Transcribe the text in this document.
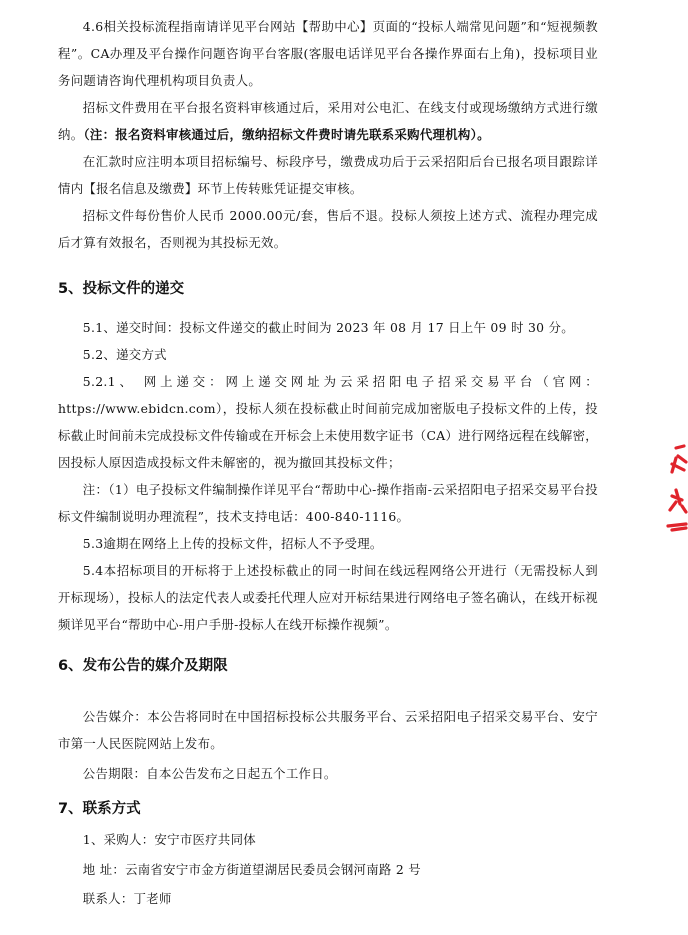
4.6相关投标流程指南请详见平台网站【帮助中心】页面的“投标人端常见问题”和“短视频教程”。CA办理及平台操作问题咨询平台客服(客服电话详见平台各操作界面右上角)，投标项目业务问题请咨询代理机构项目负责人。

招标文件费用在平台报名资料审核通过后，采用对公电汇、在线支付或现场缴纳方式进行缴纳。（注：报名资料审核通过后，缴纳招标文件费时请先联系采购代理机构）。

在汇款时应注明本项目招标编号、标段序号，缴费成功后于云采招阳后台已报名项目跟踪详情内【报名信息及缴费】环节上传转账凭证提交审核。

招标文件每份售价人民币 2000.00元/套，售后不退。投标人须按上述方式、流程办理完成后才算有效报名，否则视为其投标无效。

5、投标文件的递交

5.1、递交时间：投标文件递交的截止时间为 2023 年 08 月 17 日上午 09 时 30 分。

5.2、递交方式

5.2.1、 网上递交：网上递交网址为云采招阳电子招采交易平台（官网：https://www.ebidcn.com），投标人须在投标截止时间前完成加密版电子投标文件的上传，投标截止时间前未完成投标文件传输或在开标会上未使用数字证书（CA）进行网络远程在线解密，因投标人原因造成投标文件未解密的，视为撤回其投标文件；

注：（1）电子投标文件编制操作详见平台“帮助中心-操作指南-云采招阳电子招采交易平台投标文件编制说明办理流程”，技术支持电话：400-840-1116。

5.3逾期在网络上上传的投标文件，招标人不予受理。

5.4本招标项目的开标将于上述投标截止的同一时间在线远程网络公开进行（无需投标人到开标现场），投标人的法定代表人或委托代理人应对开标结果进行网络电子签名确认，在线开标视频详见平台“帮助中心-用户手册-投标人在线开标操作视频”。

6、发布公告的媒介及期限

公告媒介：本公告将同时在中国招标投标公共服务平台、云采招阳电子招采交易平台、安宁市第一人民医院网站上发布。

公告期限：自本公告发布之日起五个工作日。

7、联系方式

1、采购人：安宁市医疗共同体

地 址：云南省安宁市金方街道望湖居民委员会钢河南路 2 号

联系人：丁老师
